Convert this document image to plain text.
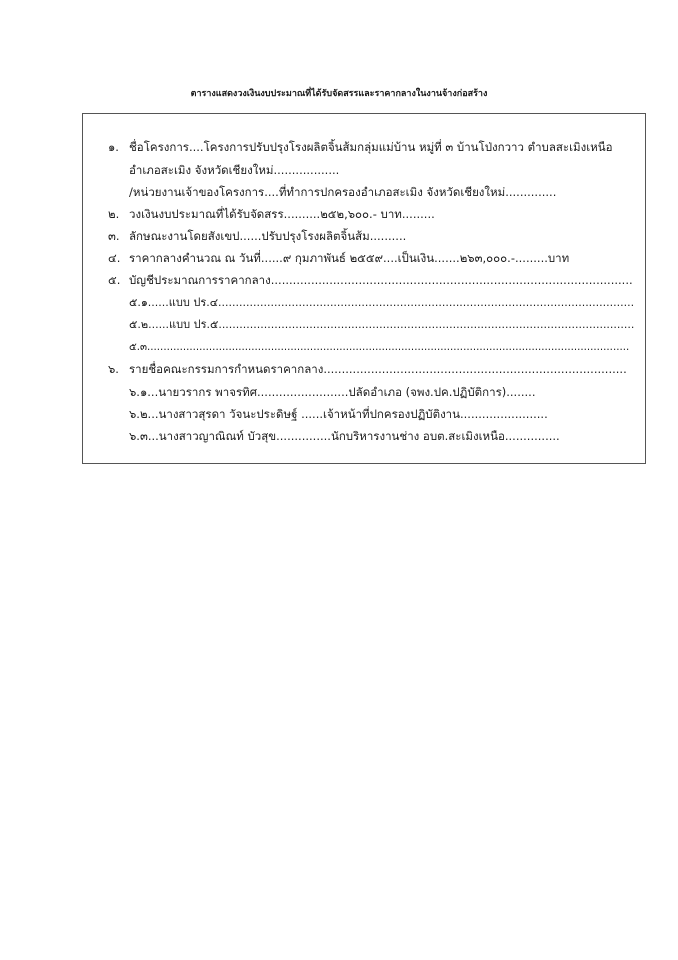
ตารางแสดงวงเงินงบประมาณที่ได้รับจัดสรรและราคากลางในงานจ้างก่อสร้าง
๑. ชื่อโครงการ....โครงการปรับปรุงโรงผลิตจิ้นส้มกลุ่มแม่บ้าน หมู่ที่ ๓ บ้านโป่งกวาว ตำบลสะเมิงเหนือ
อำเภอสะเมิง จังหวัดเชียงใหม่..................
/หน่วยงานเจ้าของโครงการ....ที่ทำการปกครองอำเภอสะเมิง จังหวัดเชียงใหม่..............
๒. วงเงินงบประมาณที่ได้รับจัดสรร..........๒๕๒,๖๐๐.- บาท.........
๓. ลักษณะงานโดยสังเขป......ปรับปรุงโรงผลิตจิ้นส้ม..........
๔. ราคากลางคำนวณ ณ วันที่......๙ กุมภาพันธ์ ๒๕๕๙....เป็นเงิน.......๒๖๓,๐๐๐.-.........บาท
๕. บัญชีประมาณการราคากลาง...................................................................................................
๕.๑......แบบ ปร.๔.......................................................................................................................
๕.๒......แบบ ปร.๕.......................................................................................................................
๕.๓....................................................................................................................................................
๖. รายชื่อคณะกรรมการกำหนดราคากลาง...................................................................................
๖.๑...นายวรากร พาจรทิศ.........................ปลัดอำเภอ (จพง.ปค.ปฏิบัติการ)........
๖.๒...นางสาวสุรดา วัจนะประดิษฐ์ ......เจ้าหน้าที่ปกครองปฏิบัติงาน........................
๖.๓...นางสาวญาณิณท์ บัวสุข...............นักบริหารงานช่าง อบต.สะเมิงเหนือ...............
